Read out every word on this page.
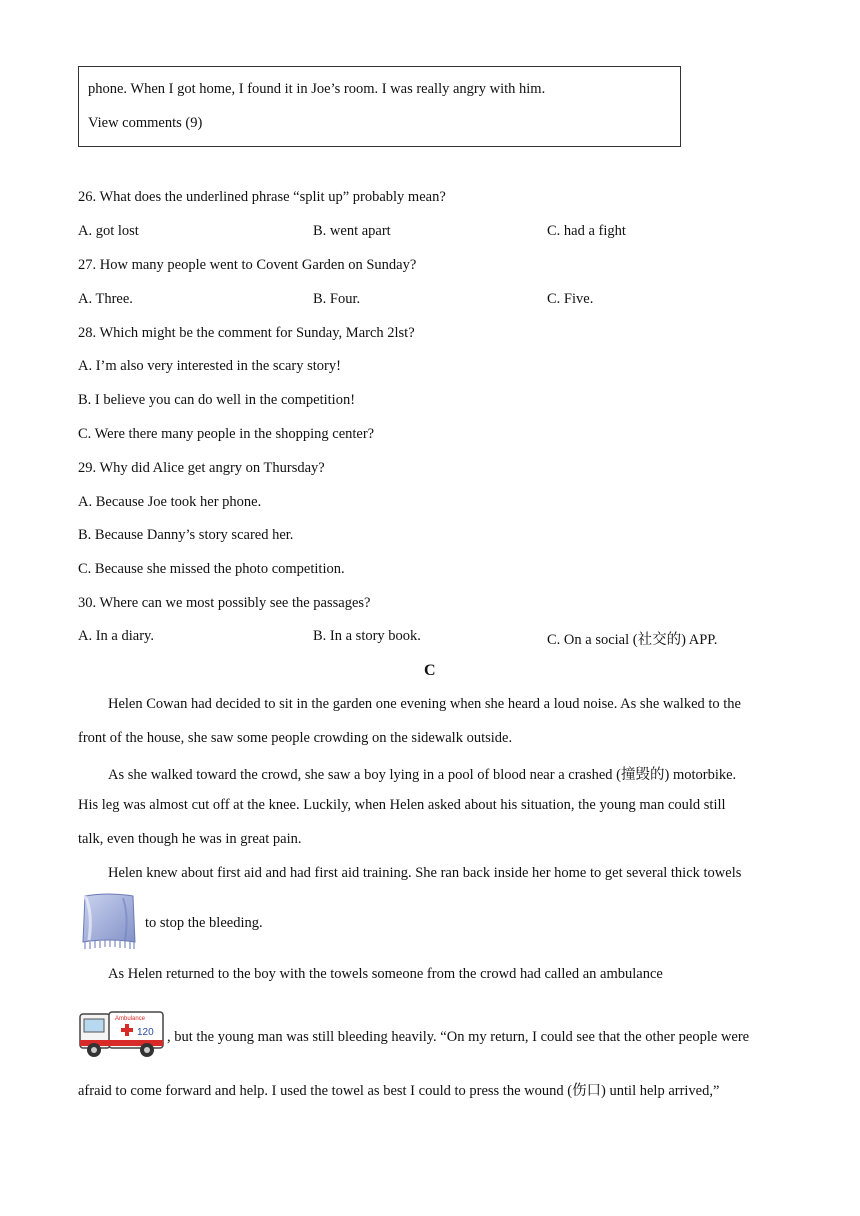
phone. When I got home, I found it in Joe’s room. I was really angry with him.
View comments (9)
26. What does the underlined phrase “split up” probably mean?
A. got lost	B. went apart	C. had a fight
27. How many people went to Covent Garden on Sunday?
A. Three.	B. Four.	C. Five.
28. Which might be the comment for Sunday, March 2lst?
A. I’m also very interested in the scary story!
B. I believe you can do well in the competition!
C. Were there many people in the shopping center?
29. Why did Alice get angry on Thursday?
A. Because Joe took her phone.
B. Because Danny’s story scared her.
C. Because she missed the photo competition.
30. Where can we most possibly see the passages?
A. In a diary.	B. In a story book.	C. On a social (社交的) APP.
C
Helen Cowan had decided to sit in the garden one evening when she heard a loud noise. As she walked to the
front of the house, she saw some people crowding on the sidewalk outside.
As she walked toward the crowd, she saw a boy lying in a pool of blood near a crashed (撞毁的) motorbike.
His leg was almost cut off at the knee. Luckily, when Helen asked about his situation, the young man could still
talk, even though he was in great pain.
Helen knew about first aid and had first aid training. She ran back inside her home to get several thick towels
to stop the bleeding.
As Helen returned to the boy with the towels someone from the crowd had called an ambulance
Ambulance
120 , but the young man was still bleeding heavily. “On my return, I could see that the other people were
afraid to come forward and help. I used the towel as best I could to press the wound (伤口) until help arrived,”
